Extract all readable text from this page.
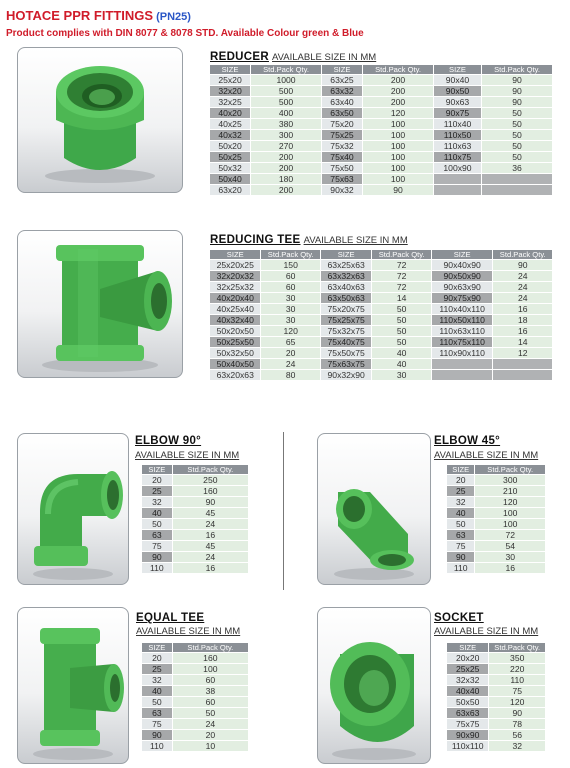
HOTACE PPR FITTINGS (PN25)
Product complies with DIN 8077 & 8078 STD. Available Colour green & Blue
REDUCER AVAILABLE SIZE IN MM
SIZE	Std.Pack Qty.	SIZE	Std.Pack Qty.	SIZE	Std.Pack Qty.
25x20	1000	63x25	200	90x40	90
32x20	500	63x32	200	90x50	90
32x25	500	63x40	200	90x63	90
40x20	400	63x50	120	90x75	50
40x25	380	75x20	100	110x40	50
40x32	300	75x25	100	110x50	50
50x20	270	75x32	100	110x63	50
50x25	200	75x40	100	110x75	50
50x32	200	75x50	100	100x90	36
50x40	180	75x63	100		
63x20	200	90x32	90		
REDUCING TEE AVAILABLE SIZE IN MM
SIZE	Std.Pack Qty.	SIZE	Std.Pack Qty.	SIZE	Std.Pack Qty.
25x20x25	150	63x25x63	72	90x40x90	90
32x20x32	60	63x32x63	72	90x50x90	24
32x25x32	60	63x40x63	72	90x63x90	24
40x20x40	30	63x50x63	14	90x75x90	24
40x25x40	30	75x20x75	50	110x40x110	16
40x32x40	30	75x25x75	50	110x50x110	18
50x20x50	120	75x32x75	50	110x63x110	16
50x25x50	65	75x40x75	50	110x75x110	14
50x32x50	20	75x50x75	40	110x90x110	12
50x40x50	24	75x63x75	40		
63x20x63	80	90x32x90	30		
ELBOW 90°
AVAILABLE SIZE IN MM
SIZE	Std.Pack Qty.
20	250
25	160
32	90
40	45
50	24
63	16
75	45
90	24
110	16
ELBOW 45°
AVAILABLE SIZE IN MM
SIZE	Std.Pack Qty.
20	300
25	210
32	120
40	100
50	100
63	72
75	54
90	30
110	16
EQUAL TEE
AVAILABLE SIZE IN MM
SIZE	Std.Pack Qty.
20	160
25	100
32	60
40	38
50	60
63	50
75	24
90	20
110	10
SOCKET
AVAILABLE SIZE IN MM
SIZE	Std.Pack Qty.
20x20	350
25x25	220
32x32	110
40x40	75
50x50	120
63x63	90
75x75	78
90x90	56
110x110	32
